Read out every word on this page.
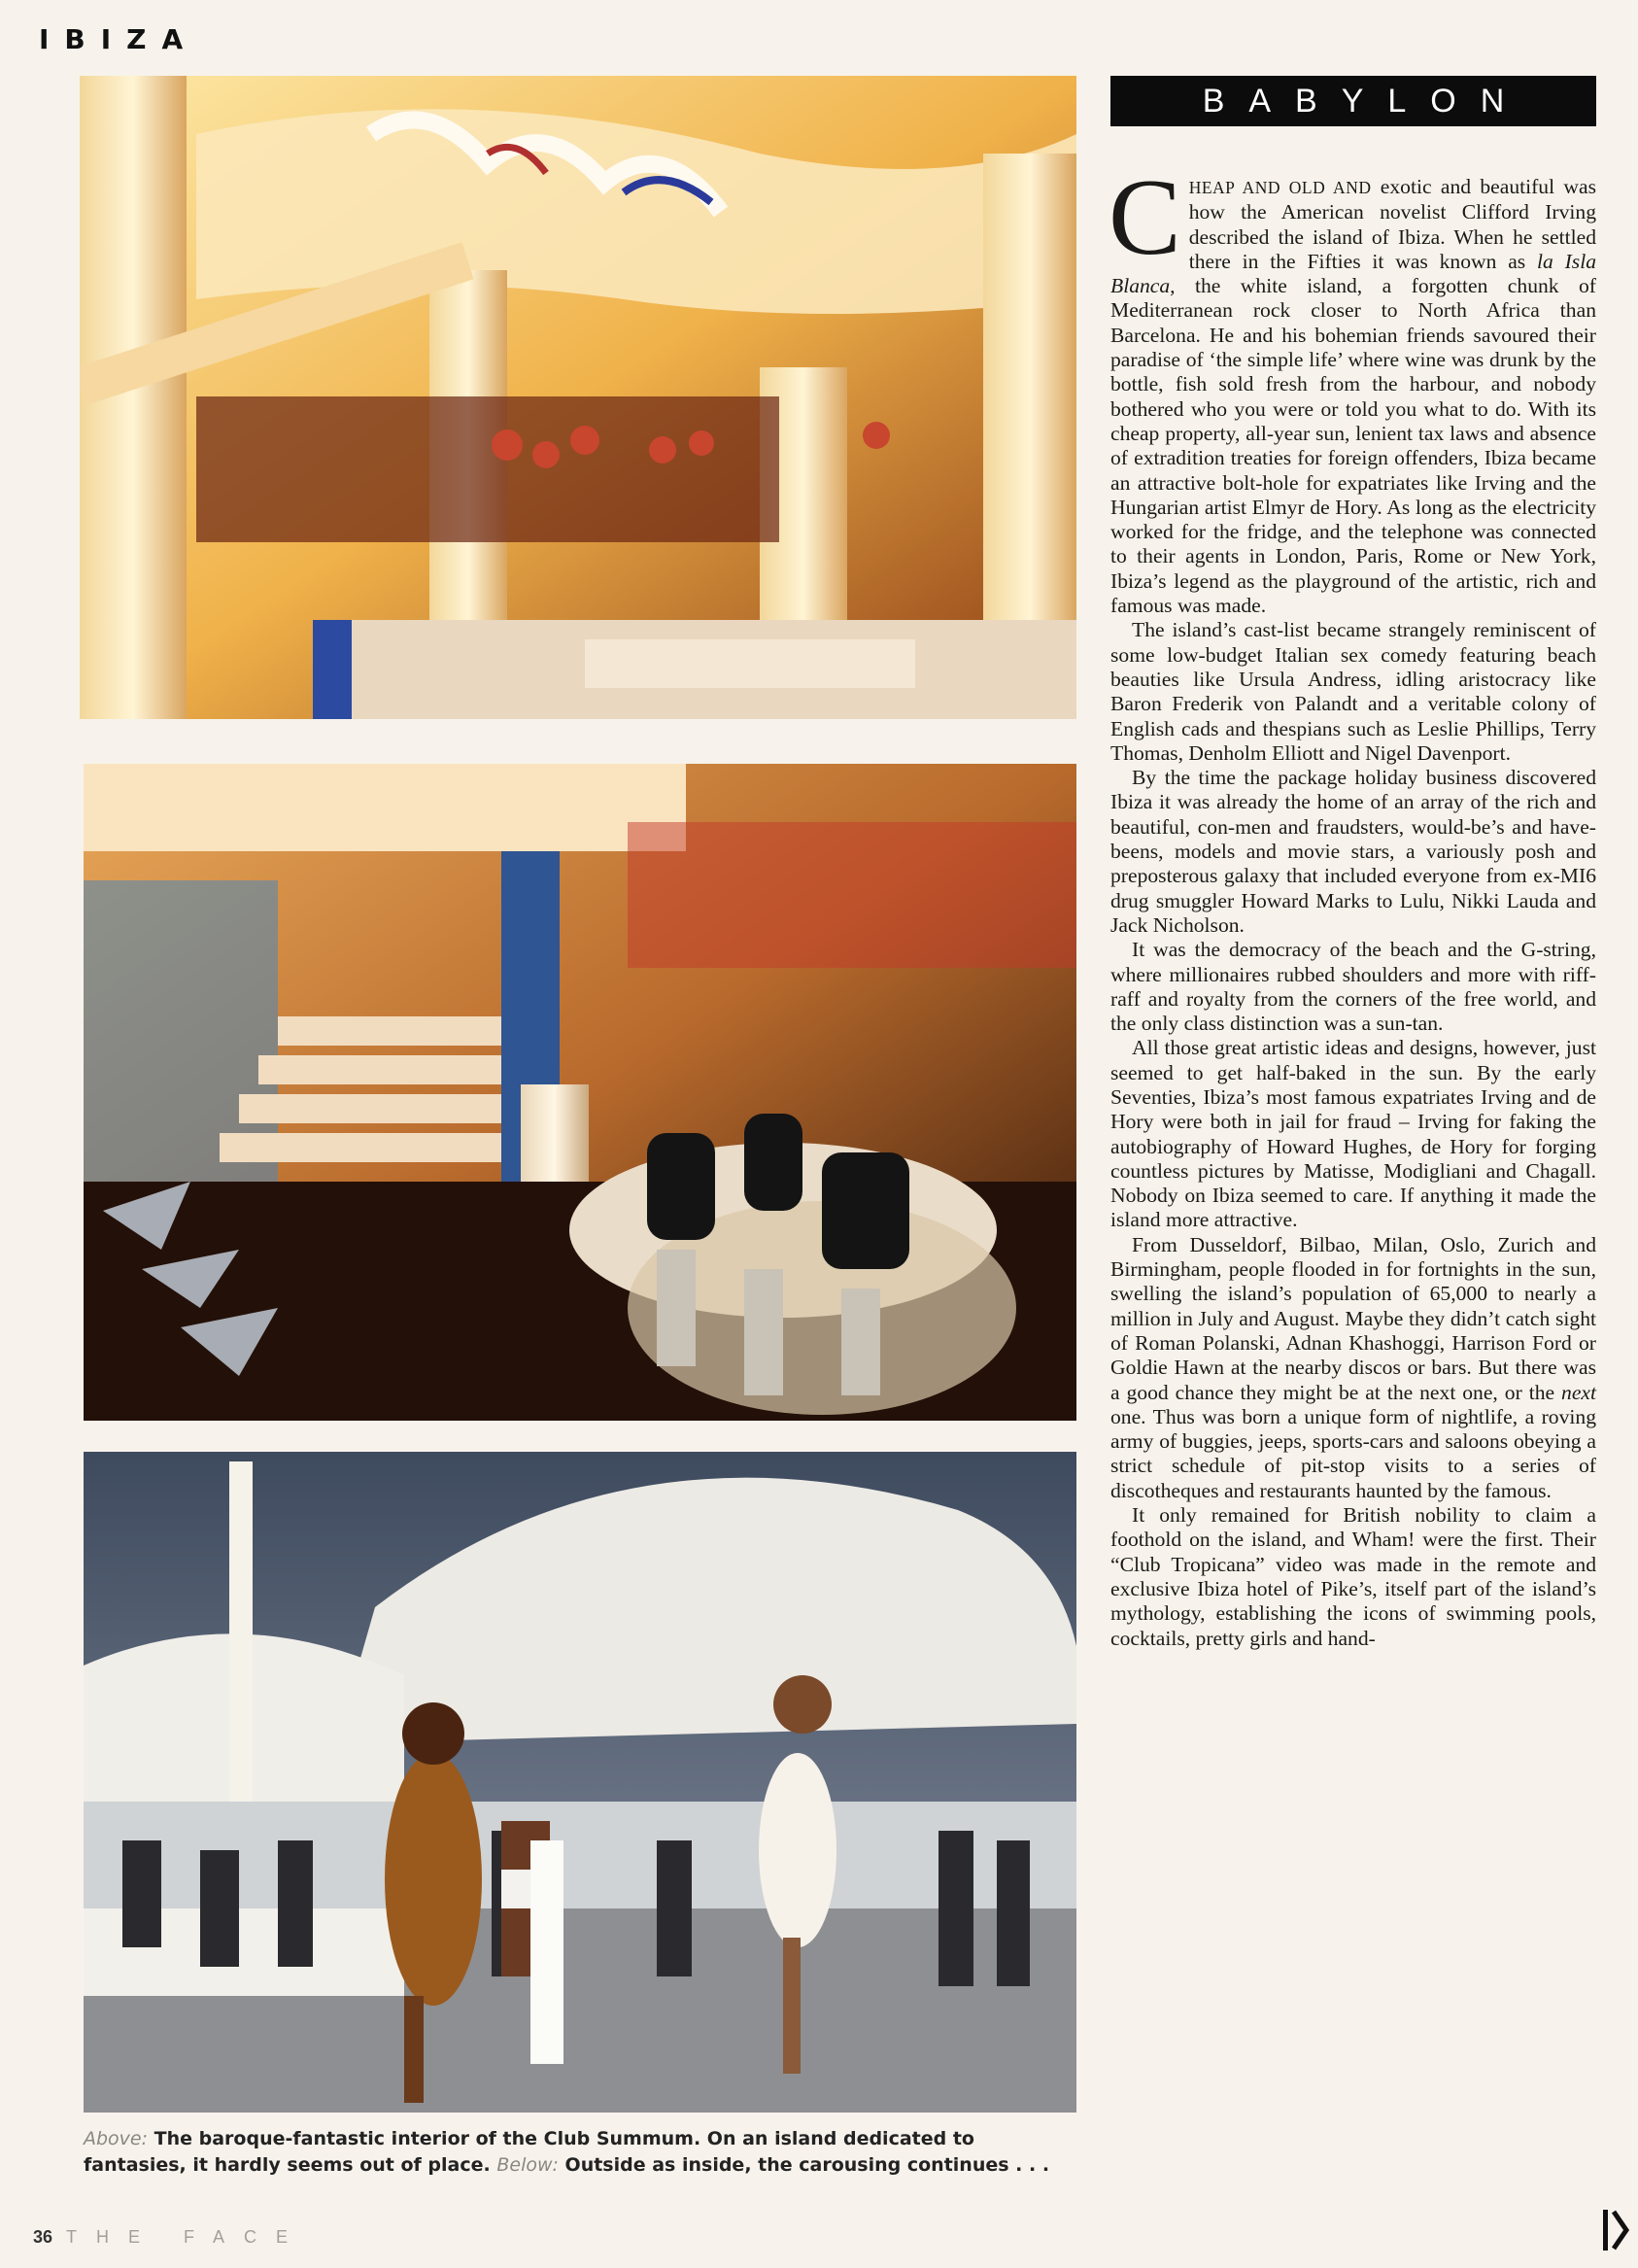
IBIZA
Above: The baroque-fantastic interior of the Club Summum. On an island dedicated to fantasies, it hardly seems out of place. Below: Outside as inside, the carousing continues . . .
BABYLON

CHEAP AND OLD AND exotic and beautiful was how the American novelist Clifford Irving described the island of Ibiza. When he settled there in the Fifties it was known as la Isla Blanca, the white island, a forgotten chunk of Mediterranean rock closer to North Africa than Barcelona. He and his bohemian friends savoured their paradise of ‘the simple life’ where wine was drunk by the bottle, fish sold fresh from the harbour, and nobody bothered who you were or told you what to do. With its cheap property, all-year sun, lenient tax laws and absence of extradition treaties for foreign offenders, Ibiza became an attractive bolt-hole for expatriates like Irving and the Hungarian artist Elmyr de Hory. As long as the electricity worked for the fridge, and the telephone was connected to their agents in London, Paris, Rome or New York, Ibiza’s legend as the playground of the artistic, rich and famous was made.

The island’s cast-list became strangely reminiscent of some low-budget Italian sex comedy featuring beach beauties like Ursula Andress, idling aristocracy like Baron Frederik von Palandt and a veritable colony of English cads and thespians such as Leslie Phillips, Terry Thomas, Denholm Elliott and Nigel Davenport.

By the time the package holiday business discovered Ibiza it was already the home of an array of the rich and beautiful, con-men and fraudsters, would-be’s and have-beens, models and movie stars, a variously posh and preposterous galaxy that included everyone from ex-MI6 drug smuggler Howard Marks to Lulu, Nikki Lauda and Jack Nicholson.

It was the democracy of the beach and the G-string, where millionaires rubbed shoulders and more with riff-raff and royalty from the corners of the free world, and the only class distinction was a sun-tan.

All those great artistic ideas and designs, however, just seemed to get half-baked in the sun. By the early Seventies, Ibiza’s most famous expatriates Irving and de Hory were both in jail for fraud – Irving for faking the autobiography of Howard Hughes, de Hory for forging countless pictures by Matisse, Modigliani and Chagall. Nobody on Ibiza seemed to care. If anything it made the island more attractive.

From Dusseldorf, Bilbao, Milan, Oslo, Zurich and Birmingham, people flooded in for fortnights in the sun, swelling the island’s population of 65,000 to nearly a million in July and August. Maybe they didn’t catch sight of Roman Polanski, Adnan Khashoggi, Harrison Ford or Goldie Hawn at the nearby discos or bars. But there was a good chance they might be at the next one, or the next one. Thus was born a unique form of nightlife, a roving army of buggies, jeeps, sports-cars and saloons obeying a strict schedule of pit-stop visits to a series of discotheques and restaurants haunted by the famous.

It only remained for British nobility to claim a foothold on the island, and Wham! were the first. Their “Club Tropicana” video was made in the remote and exclusive Ibiza hotel of Pike’s, itself part of the island’s mythology, establishing the icons of swimming pools, cocktails, pretty girls and hand-

36 THE FACE
